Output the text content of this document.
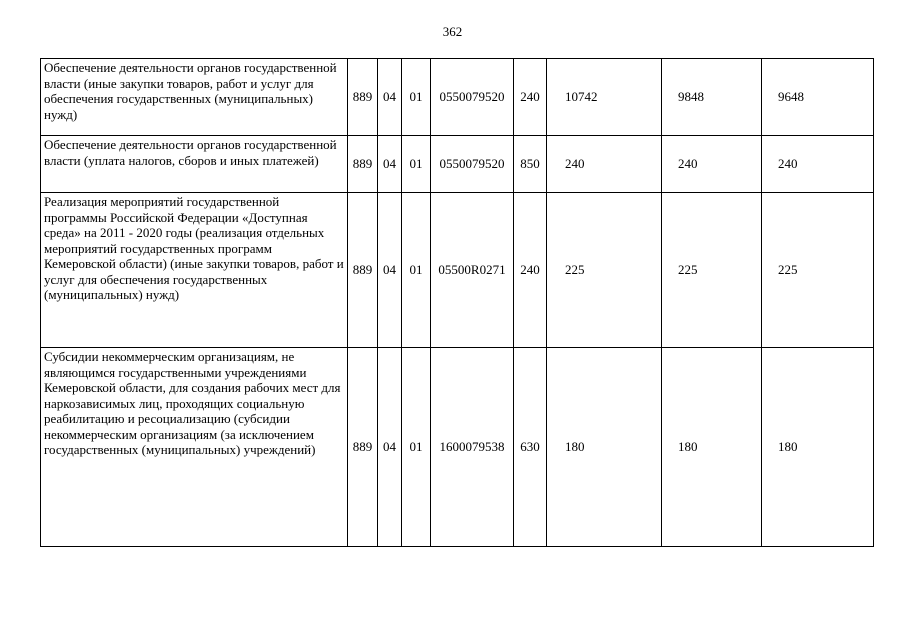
362
Обеспечение деятельности органов государственной власти (иные закупки товаров, работ и услуг для обеспечения государственных (муниципальных) нужд)	889	04	01	0550079520	240	10742	9848	9648
Обеспечение деятельности органов государственной власти (уплата налогов, сборов и иных платежей)	889	04	01	0550079520	850	240	240	240
Реализация мероприятий государственной программы Российской Федерации «Доступная среда» на 2011 - 2020 годы (реализация отдельных мероприятий государственных программ Кемеровской области) (иные закупки товаров, работ и услуг для обеспечения государственных (муниципальных) нужд)	889	04	01	05500R0271	240	225	225	225
Субсидии некоммерческим организациям, не являющимся государственными учреждениями Кемеровской области, для создания рабочих мест для наркозависимых лиц, проходящих социальную реабилитацию и ресоциализацию (субсидии некоммерческим организациям (за исключением государственных (муниципальных) учреждений)	889	04	01	1600079538	630	180	180	180
